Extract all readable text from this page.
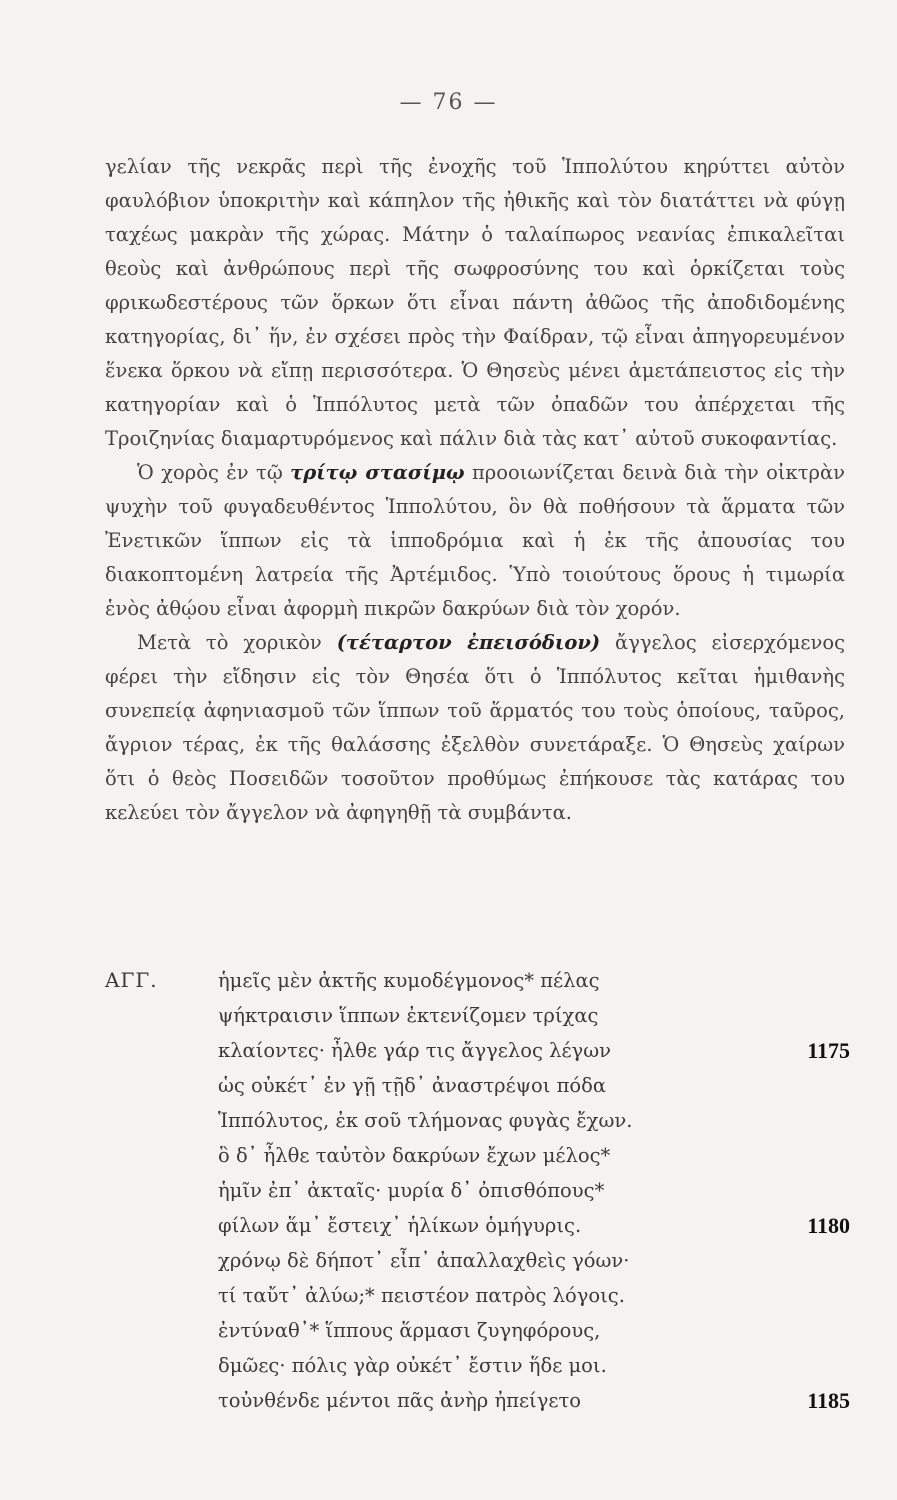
— 76 —

γελίαν τῆς νεκρᾶς περὶ τῆς ἐνοχῆς τοῦ Ἱππολύτου κηρύττει αὐτὸν φαυλόβιον ὑποκριτὴν καὶ κάπηλον τῆς ἠθικῆς καὶ τὸν διατάττει νὰ φύγῃ ταχέως μακρὰν τῆς χώρας. Μάτην ὁ ταλαίπωρος νεανίας ἐπικαλεῖται θεοὺς καὶ ἀνθρώπους περὶ τῆς σωφροσύνης του καὶ ὁρκίζεται τοὺς φρικωδεστέρους τῶν ὅρκων ὅτι εἶναι πάντη ἀθῶος τῆς ἀποδιδομένης κατηγορίας, δι᾽ ἥν, ἐν σχέσει πρὸς τὴν Φαίδραν, τῷ εἶναι ἀπηγορευμένον ἕνεκα ὅρκου νὰ εἴπῃ περισσότερα. Ὁ Θησεὺς μένει ἀμετάπειστος εἰς τὴν κατηγορίαν καὶ ὁ Ἱππόλυτος μετὰ τῶν ὀπαδῶν του ἀπέρχεται τῆς Τροιζηνίας διαμαρτυρόμενος καὶ πάλιν διὰ τὰς κατ᾽ αὐτοῦ συκοφαντίας.

Ὁ χορὸς ἐν τῷ τρίτῳ στασίμῳ προοιωνίζεται δεινὰ διὰ τὴν οἰκτρὰν ψυχὴν τοῦ φυγαδευθέντος Ἱππολύτου, ὃν θὰ ποθήσουν τὰ ἅρματα τῶν Ἐνετικῶν ἵππων εἰς τὰ ἱπποδρόμια καὶ ἡ ἐκ τῆς ἀπουσίας του διακοπτομένη λατρεία τῆς Ἀρτέμιδος. Ὑπὸ τοιούτους ὅρους ἡ τιμωρία ἑνὸς ἀθῴου εἶναι ἀφορμὴ πικρῶν δακρύων διὰ τὸν χορόν.

Μετὰ τὸ χορικὸν (τέταρτον ἐπεισόδιον) ἄγγελος εἰσερχόμενος φέρει τὴν εἴδησιν εἰς τὸν Θησέα ὅτι ὁ Ἱππόλυτος κεῖται ἡμιθανὴς συνεπείᾳ ἀφηνιασμοῦ τῶν ἵππων τοῦ ἅρματός του τοὺς ὁποίους, ταῦρος, ἄγριον τέρας, ἐκ τῆς θαλάσσης ἐξελθὸν συνετάραξε. Ὁ Θησεὺς χαίρων ὅτι ὁ θεὸς Ποσειδῶν τοσοῦτον προθύμως ἐπήκουσε τὰς κατάρας του κελεύει τὸν ἄγγελον νὰ ἀφηγηθῇ τὰ συμβάντα.

ΑΓΓ.	ἡμεῖς μὲν ἀκτῆς κυμοδέγμονος* πέλας
ψήκτραισιν ἵππων ἐκτενίζομεν τρίχας
κλαίοντες· ἦλθε γάρ τις ἄγγελος λέγων	1175
ὡς οὐκέτ᾽ ἐν γῇ τῇδ᾽ ἀναστρέψοι πόδα
Ἱππόλυτος, ἐκ σοῦ τλήμονας φυγὰς ἔχων.
ὃ δ᾽ ἦλθε ταὐτὸν δακρύων ἔχων μέλος*
ἡμῖν ἐπ᾽ ἀκταῖς· μυρία δ᾽ ὀπισθόπους*
φίλων ἅμ᾽ ἔστειχ᾽ ἡλίκων ὁμήγυρις.	1180
χρόνῳ δὲ δήποτ᾽ εἶπ᾽ ἀπαλλαχθεὶς γόων·
τί ταὔτ᾽ ἀλύω;* πειστέον πατρὸς λόγοις.
ἐντύναθ᾽* ἵππους ἅρμασι ζυγηφόρους,
δμῶες· πόλις γὰρ οὐκέτ᾽ ἔστιν ἥδε μοι.
τοὐνθένδε μέντοι πᾶς ἀνὴρ ἠπείγετο	1185
